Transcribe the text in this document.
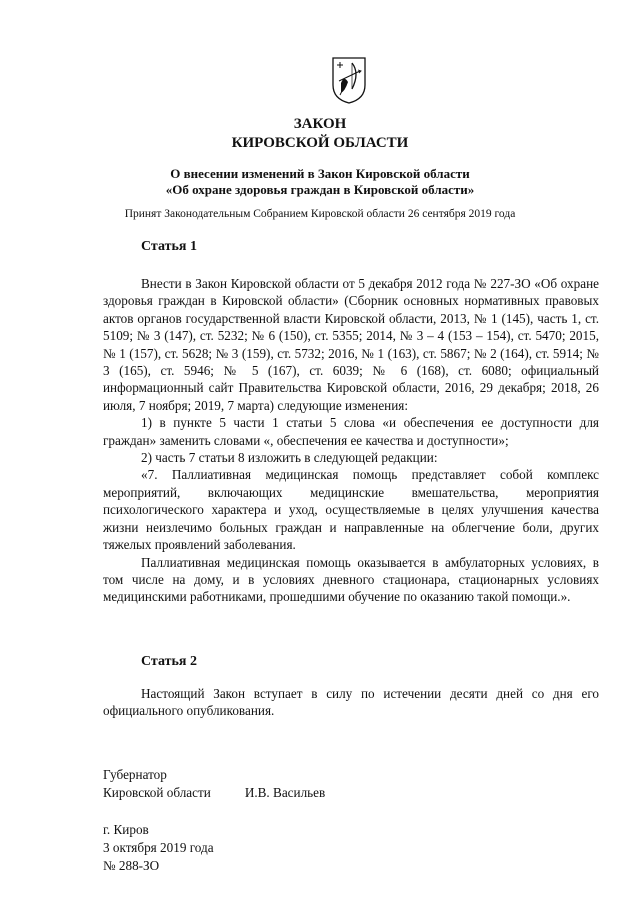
ЗАКОН
КИРОВСКОЙ ОБЛАСТИ
О внесении изменений в Закон Кировской области
«Об охране здоровья граждан в Кировской области»
Принят Законодательным Собранием Кировской области 26 сентября 2019 года
Статья 1

Внести в Закон Кировской области от 5 декабря 2012 года № 227-ЗО «Об охране здоровья граждан в Кировской области» (Сборник основных нормативных правовых актов органов государственной власти Кировской области, 2013, № 1 (145), часть 1, ст. 5109; № 3 (147), ст. 5232; № 6 (150), ст. 5355; 2014, № 3 – 4 (153 – 154), ст. 5470; 2015, № 1 (157), ст. 5628; № 3 (159), ст. 5732; 2016, № 1 (163), ст. 5867; № 2 (164), ст. 5914; № 3 (165), ст. 5946; № 5 (167), ст. 6039; № 6 (168), ст. 6080; официальный информационный сайт Правительства Кировской области, 2016, 29 декабря; 2018, 26 июля, 7 ноября; 2019, 7 марта) следующие изменения:

1) в пункте 5 части 1 статьи 5 слова «и обеспечения ее доступности для граждан» заменить словами «, обеспечения ее качества и доступности»;

2) часть 7 статьи 8 изложить в следующей редакции:

«7. Паллиативная медицинская помощь представляет собой комплекс мероприятий, включающих медицинские вмешательства, мероприятия психологического характера и уход, осуществляемые в целях улучшения качества жизни неизлечимо больных граждан и направленные на облегчение боли, других тяжелых проявлений заболевания.

Паллиативная медицинская помощь оказывается в амбулаторных условиях, в том числе на дому, и в условиях дневного стационара, стационарных условиях медицинскими работниками, прошедшими обучение по оказанию такой помощи.».

Статья 2

Настоящий Закон вступает в силу по истечении десяти дней со дня его официального опубликования.

Губернатор
Кировской области	И.В. Васильев
г. Киров
3 октября 2019 года
№ 288-ЗО
